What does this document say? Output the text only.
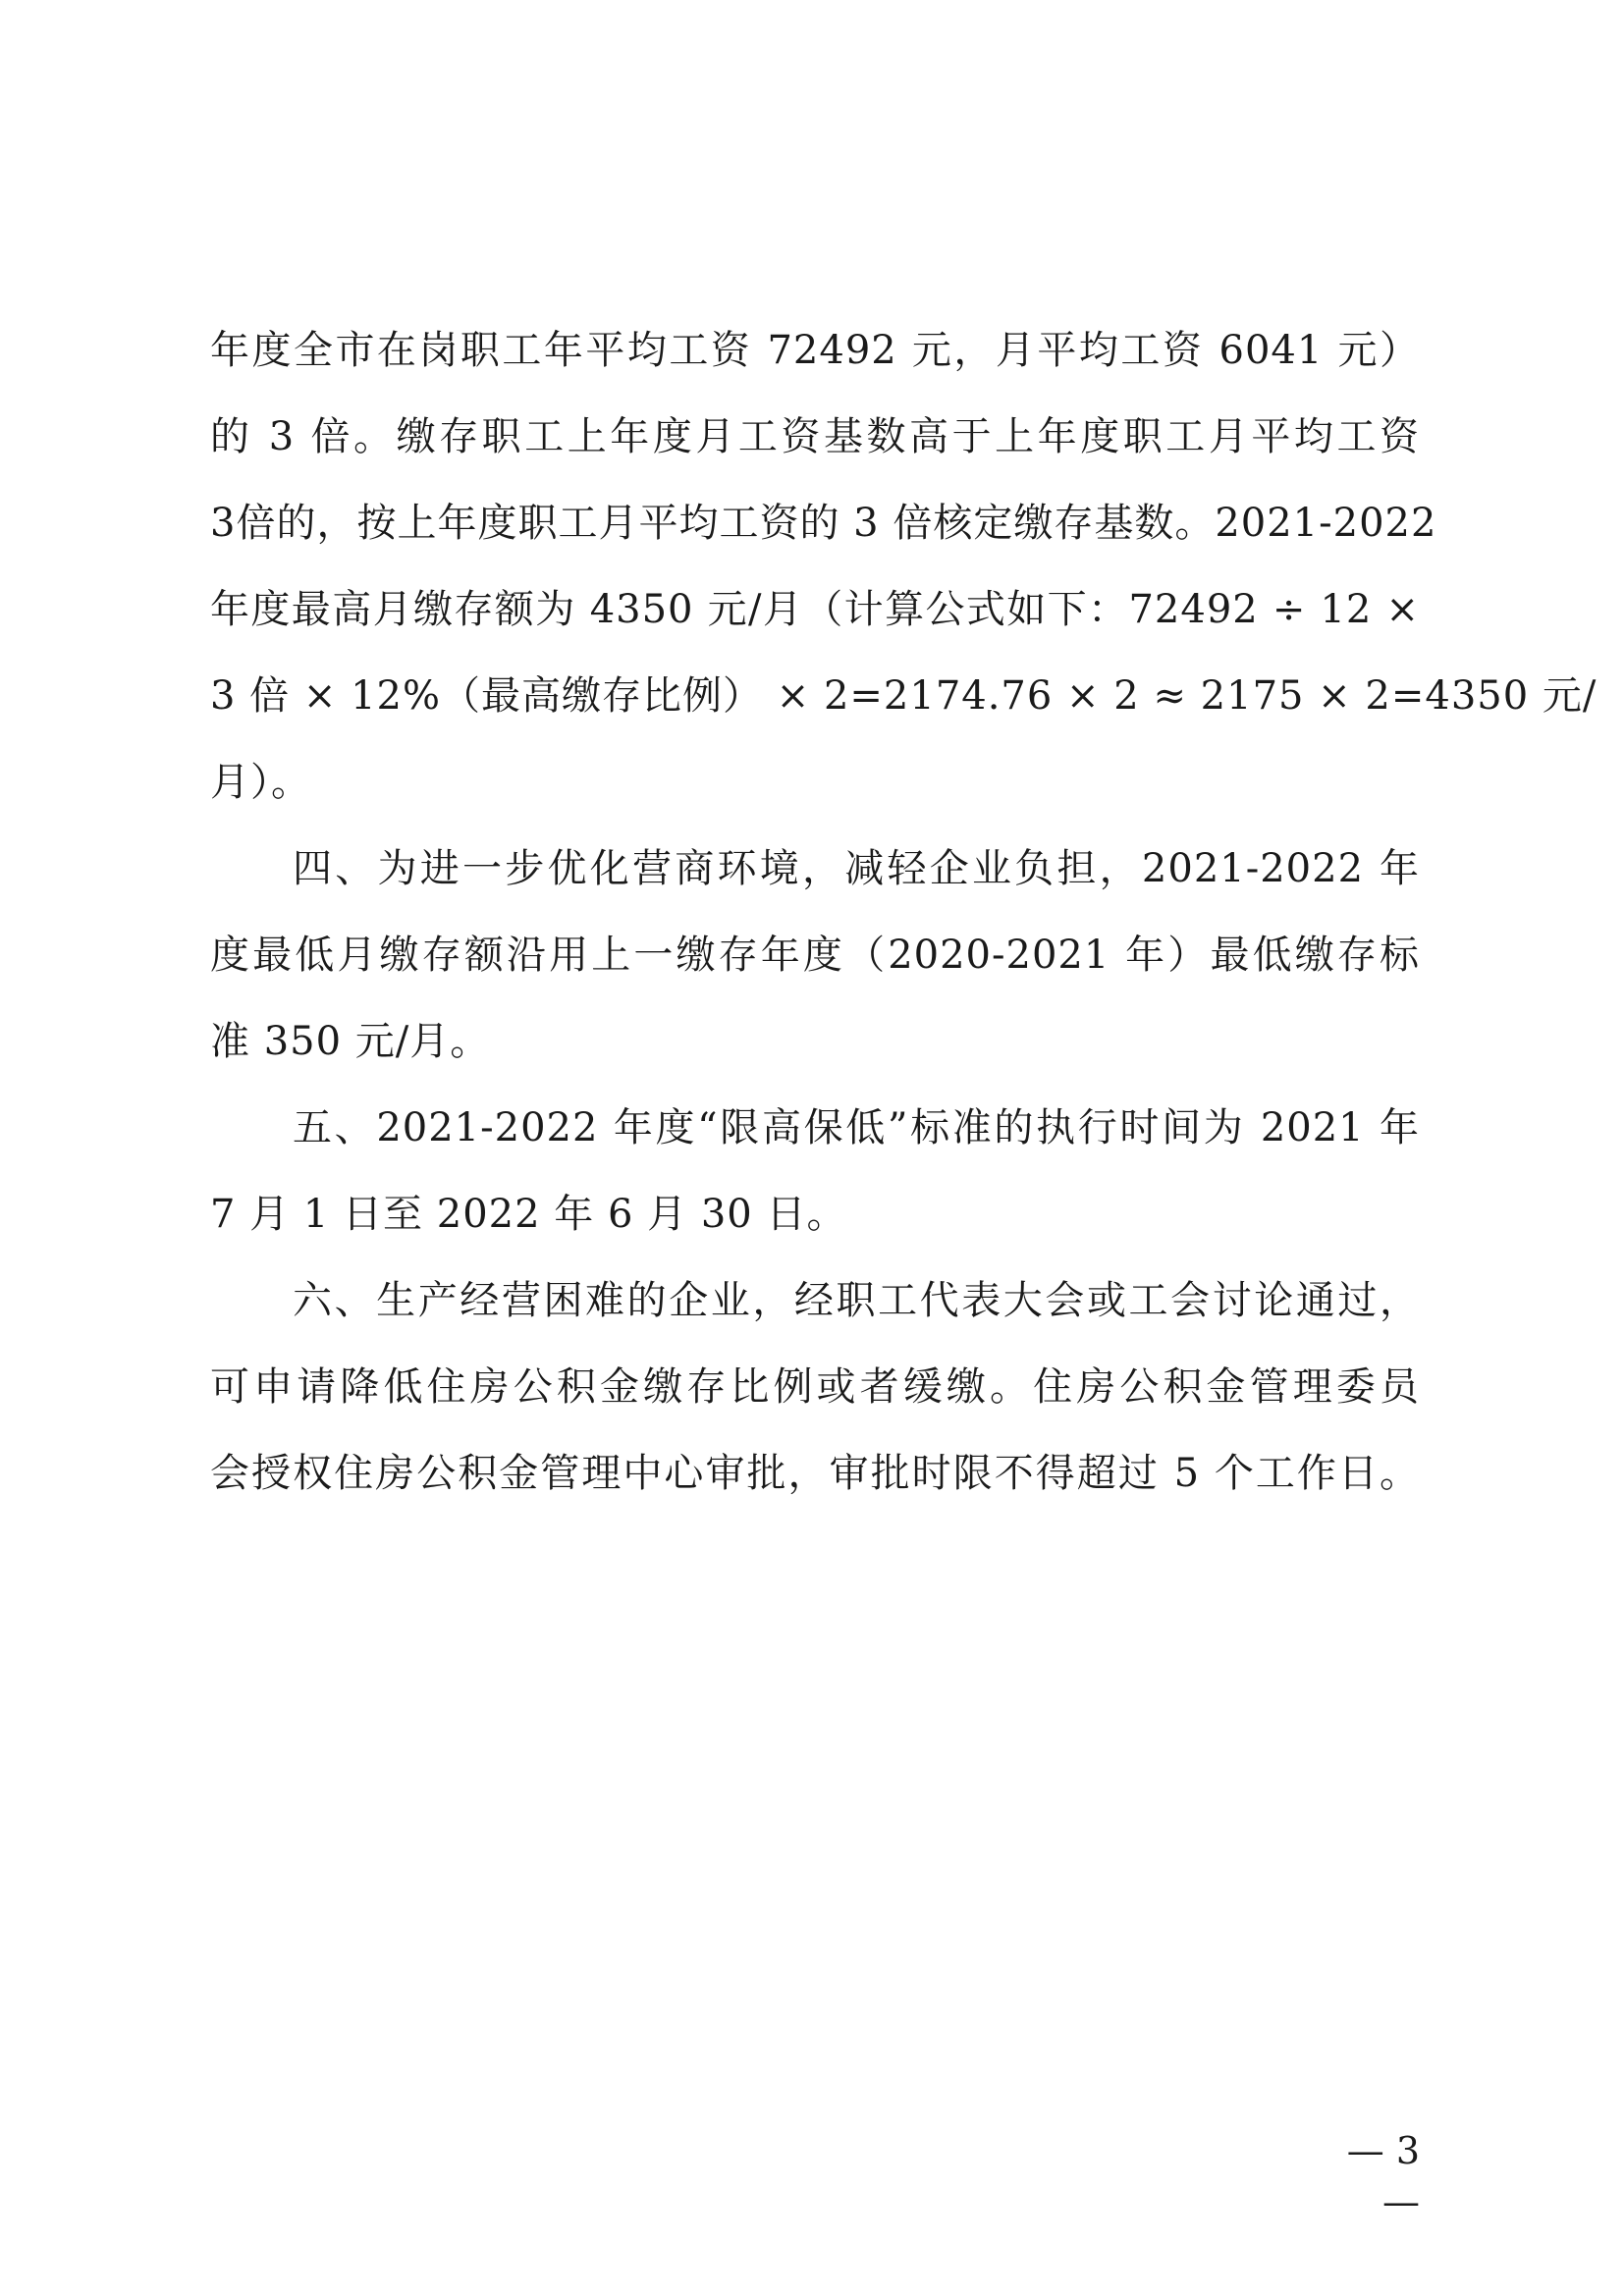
年度全市在岗职工年平均工资 72492 元，月平均工资 6041 元）
的 3 倍。缴存职工上年度月工资基数高于上年度职工月平均工资
3倍的，按上年度职工月平均工资的 3 倍核定缴存基数。2021-2022
年度最高月缴存额为 4350 元/月（计算公式如下：72492 ÷ 12 ×
3 倍 × 12%（最高缴存比例） × 2=2174.76 × 2 ≈ 2175 × 2=4350 元/
月）。
四、为进一步优化营商环境，减轻企业负担，2021-2022 年
度最低月缴存额沿用上一缴存年度（2020-2021 年）最低缴存标
准 350 元/月。
五、2021-2022 年度“限高保低”标准的执行时间为 2021 年
7 月 1 日至 2022 年 6 月 30 日。
六、生产经营困难的企业，经职工代表大会或工会讨论通过，
可申请降低住房公积金缴存比例或者缓缴。住房公积金管理委员
会授权住房公积金管理中心审批，审批时限不得超过 5 个工作日。
— 3 —
